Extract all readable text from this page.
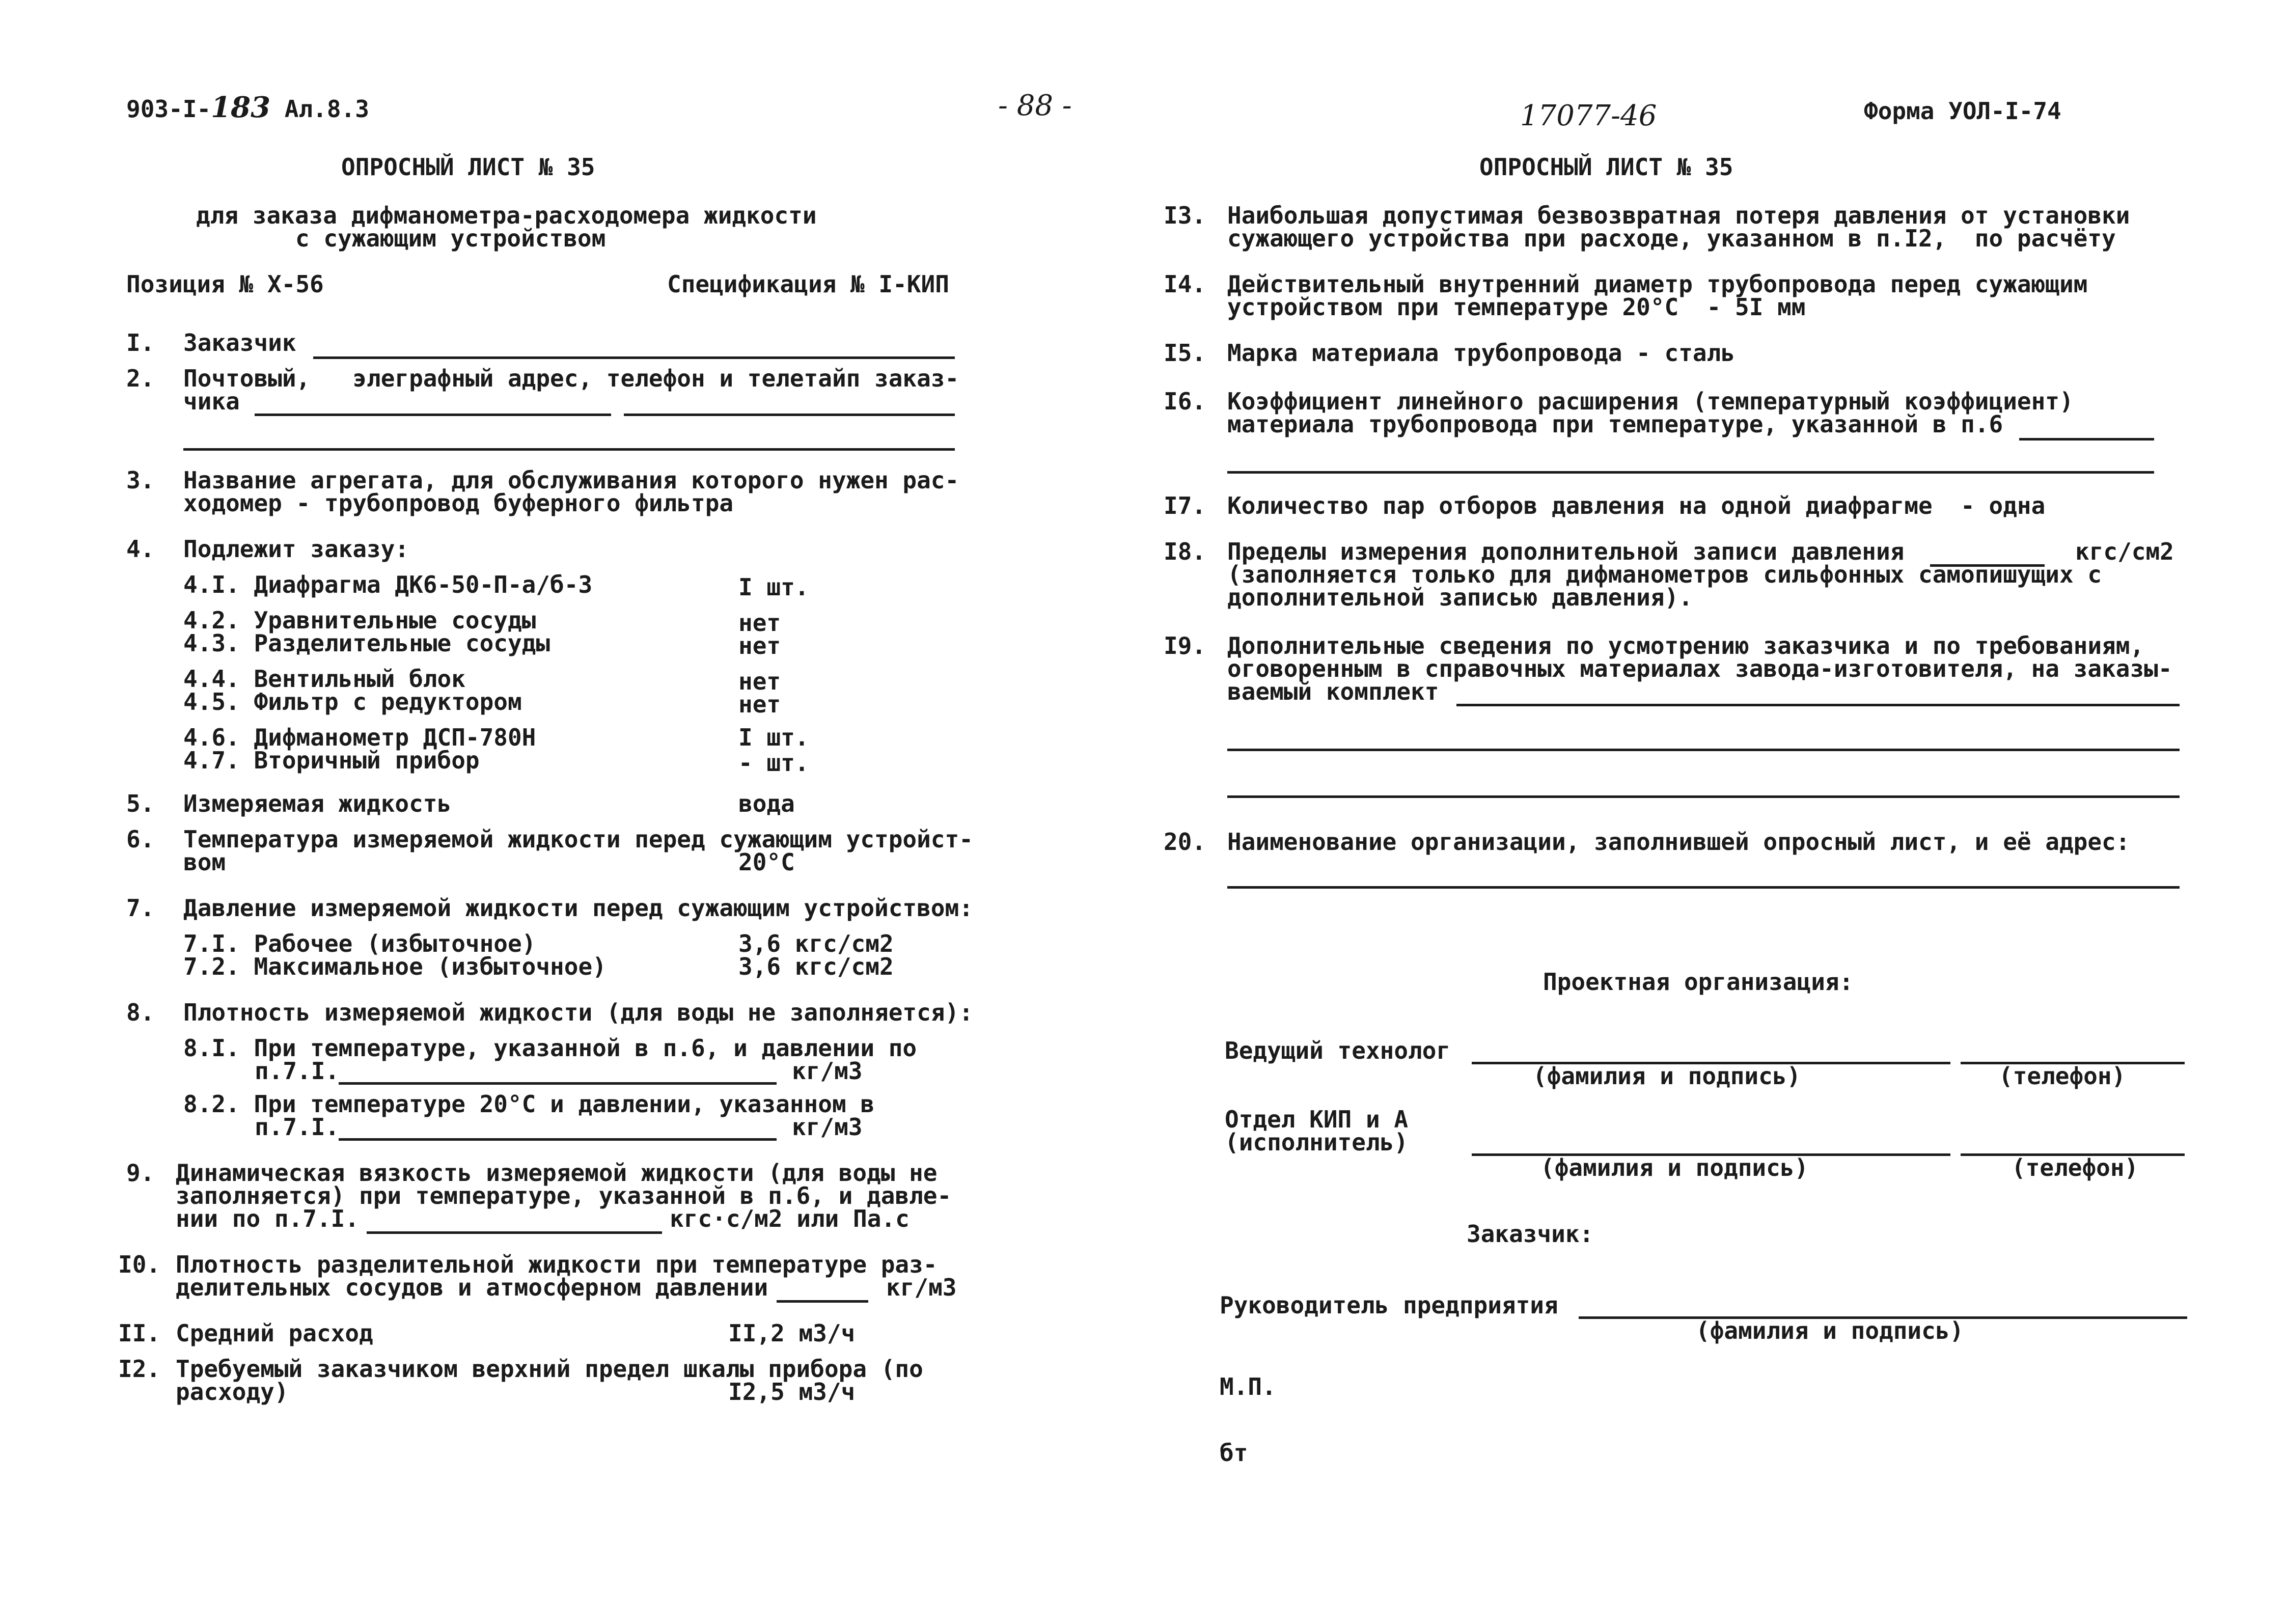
903-I-183 Ал.8.3	- 88 -	17077-46	Форма УОЛ-I-74
ОПРОСНЫЙ ЛИСТ № 35
для заказа дифманометра-расходомера жидкости
с сужающим устройством
Позиция № Х-56	Спецификация № I-КИП
I. Заказчик
2. Почтовый,   элеграфный адрес, телефон и телетайп заказ-
чика
3. Название агрегата, для обслуживания которого нужен рас-
ходомер - трубопровод буферного фильтра
4. Подлежит заказу:
4.I. Диафрагма ДК6-50-П-а/б-3	I шт.
4.2. Уравнительные сосуды	нет
4.3. Разделительные сосуды	нет
4.4. Вентильный блок	нет
4.5. Фильтр с редуктором	нет
4.6. Дифманометр ДСП-780Н	I шт.
4.7. Вторичный прибор	- шт.
5. Измеряемая жидкость	вода
6. Температура измеряемой жидкости перед сужающим устройст-
вом	20°С
7. Давление измеряемой жидкости перед сужающим устройством:
7.I. Рабочее (избыточное)	3,6 кгс/см2
7.2. Максимальное (избыточное)	3,6 кгс/см2
8. Плотность измеряемой жидкости (для воды не заполняется):
8.I. При температуре, указанной в п.6, и давлении по
п.7.I.	кг/м3
8.2. При температуре 20°С и давлении, указанном в
п.7.I.	кг/м3
9. Динамическая вязкость измеряемой жидкости (для воды не
заполняется) при температуре, указанной в п.6, и давле-
нии по п.7.I.	кгс·с/м2 или Па.с
I0. Плотность разделительной жидкости при температуре раз-
делительных сосудов и атмосферном давлении	кг/м3
II. Средний расход	II,2 м3/ч
I2. Требуемый заказчиком верхний предел шкалы прибора (по
расходу)	I2,5 м3/ч
ОПРОСНЫЙ ЛИСТ № 35
I3. Наибольшая допустимая безвозвратная потеря давления от установки
сужающего устройства при расходе, указанном в п.I2,  по расчёту
I4. Действительный внутренний диаметр трубопровода перед сужающим
устройством при температуре 20°С  - 5I мм
I5. Марка материала трубопровода - сталь
I6. Коэффициент линейного расширения (температурный коэффициент)
материала трубопровода при температуре, указанной в п.6
I7. Количество пар отборов давления на одной диафрагме  - одна
I8. Пределы измерения дополнительной записи давления	кгс/см2
(заполняется только для дифманометров сильфонных самопишущих с
дополнительной записью давления).
I9. Дополнительные сведения по усмотрению заказчика и по требованиям,
оговоренным в справочных материалах завода-изготовителя, на заказы-
ваемый комплект
20. Наименование организации, заполнившей опросный лист, и её адрес:
Проектная организация:
Ведущий технолог
(фамилия и подпись)	(телефон)
Отдел КИП и А
(исполнитель)
(фамилия и подпись)	(телефон)
Заказчик:
Руководитель предприятия
(фамилия и подпись)
М.П.
бт
